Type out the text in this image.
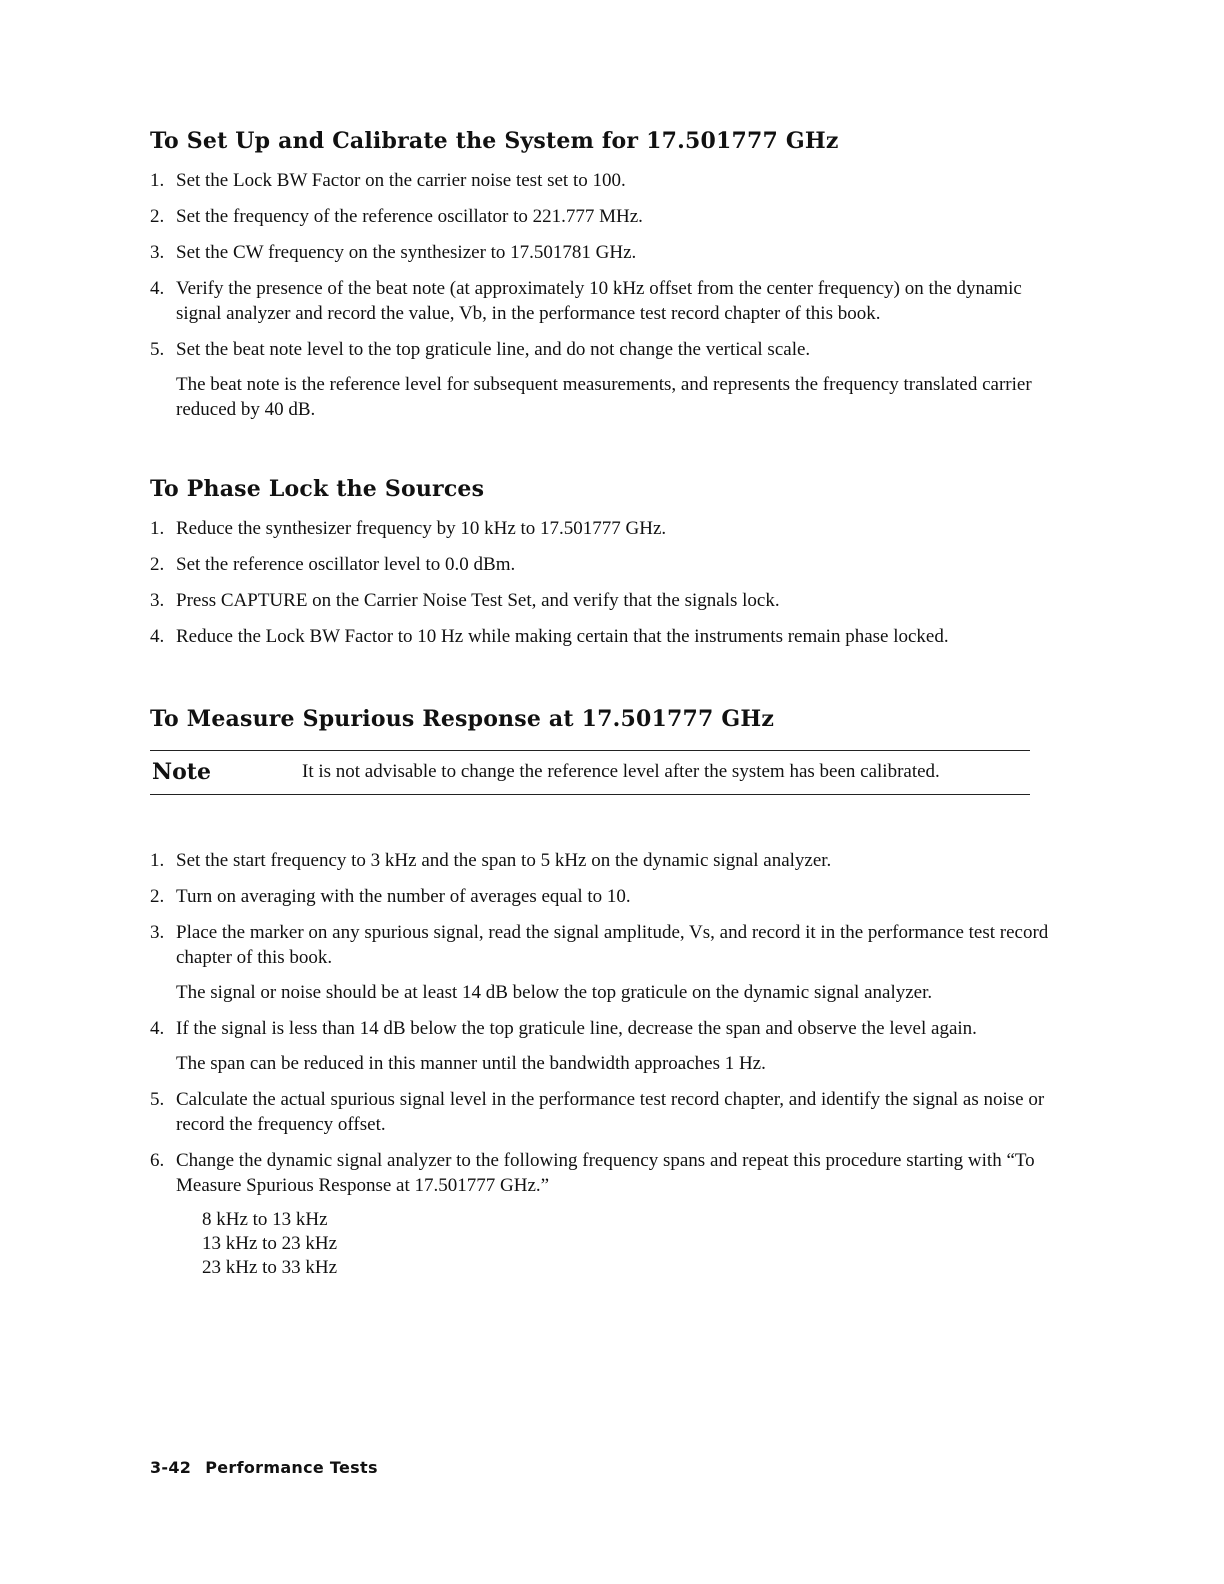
To Set Up and Calibrate the System for 17.501777 GHz
1. Set the Lock BW Factor on the carrier noise test set to 100.
2. Set the frequency of the reference oscillator to 221.777 MHz.
3. Set the CW frequency on the synthesizer to 17.501781 GHz.
4. Verify the presence of the beat note (at approximately 10 kHz offset from the center frequency) on the dynamic signal analyzer and record the value, Vb, in the performance test record chapter of this book.
5. Set the beat note level to the top graticule line, and do not change the vertical scale.

The beat note is the reference level for subsequent measurements, and represents the frequency translated carrier reduced by 40 dB.

To Phase Lock the Sources
1. Reduce the synthesizer frequency by 10 kHz to 17.501777 GHz.
2. Set the reference oscillator level to 0.0 dBm.
3. Press CAPTURE on the Carrier Noise Test Set, and verify that the signals lock.
4. Reduce the Lock BW Factor to 10 Hz while making certain that the instruments remain phase locked.
To Measure Spurious Response at 17.501777 GHz
Note	It is not advisable to change the reference level after the system has been calibrated.
1. Set the start frequency to 3 kHz and the span to 5 kHz on the dynamic signal analyzer.
2. Turn on averaging with the number of averages equal to 10.
3. Place the marker on any spurious signal, read the signal amplitude, Vs, and record it in the performance test record chapter of this book.

The signal or noise should be at least 14 dB below the top graticule on the dynamic signal analyzer.

4. If the signal is less than 14 dB below the top graticule line, decrease the span and observe the level again.

The span can be reduced in this manner until the bandwidth approaches 1 Hz.

5. Calculate the actual spurious signal level in the performance test record chapter, and identify the signal as noise or record the frequency offset.
6. Change the dynamic signal analyzer to the following frequency spans and repeat this procedure starting with “To Measure Spurious Response at 17.501777 GHz.”
8 kHz to 13 kHz
13 kHz to 23 kHz
23 kHz to 33 kHz
3-42 Performance Tests
